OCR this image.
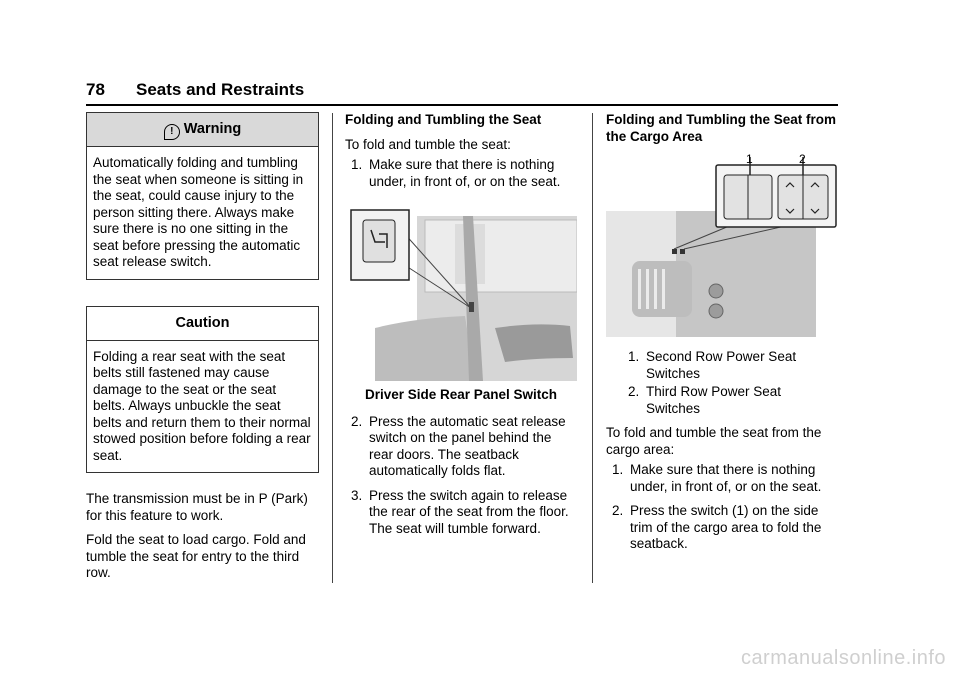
78 Seats and Restraints
! Warning

Automatically folding and tumbling the seat when someone is sitting in the seat, could cause injury to the person sitting there. Always make sure there is no one sitting in the seat before pressing the automatic seat release switch.

Caution

Folding a rear seat with the seat belts still fastened may cause damage to the seat or the seat belts. Always unbuckle the seat belts and return them to their normal stowed position before folding a rear seat.

The transmission must be in P (Park) for this feature to work.

Fold the seat to load cargo. Fold and tumble the seat for entry to the third row.

Folding and Tumbling the Seat

To fold and tumble the seat:

1. Make sure that there is nothing under, in front of, or on the seat.

Driver Side Rear Panel Switch

2. Press the automatic seat release switch on the panel behind the rear doors. The seatback automatically folds flat.
3. Press the switch again to release the rear of the seat from the floor. The seat will tumble forward.

Folding and Tumbling the Seat from the Cargo Area

1	2
1. Second Row Power Seat Switches
2. Third Row Power Seat Switches

To fold and tumble the seat from the cargo area:

1. Make sure that there is nothing under, in front of, or on the seat.
2. Press the switch (1) on the side trim of the cargo area to fold the seatback.
carmanualsonline.info
